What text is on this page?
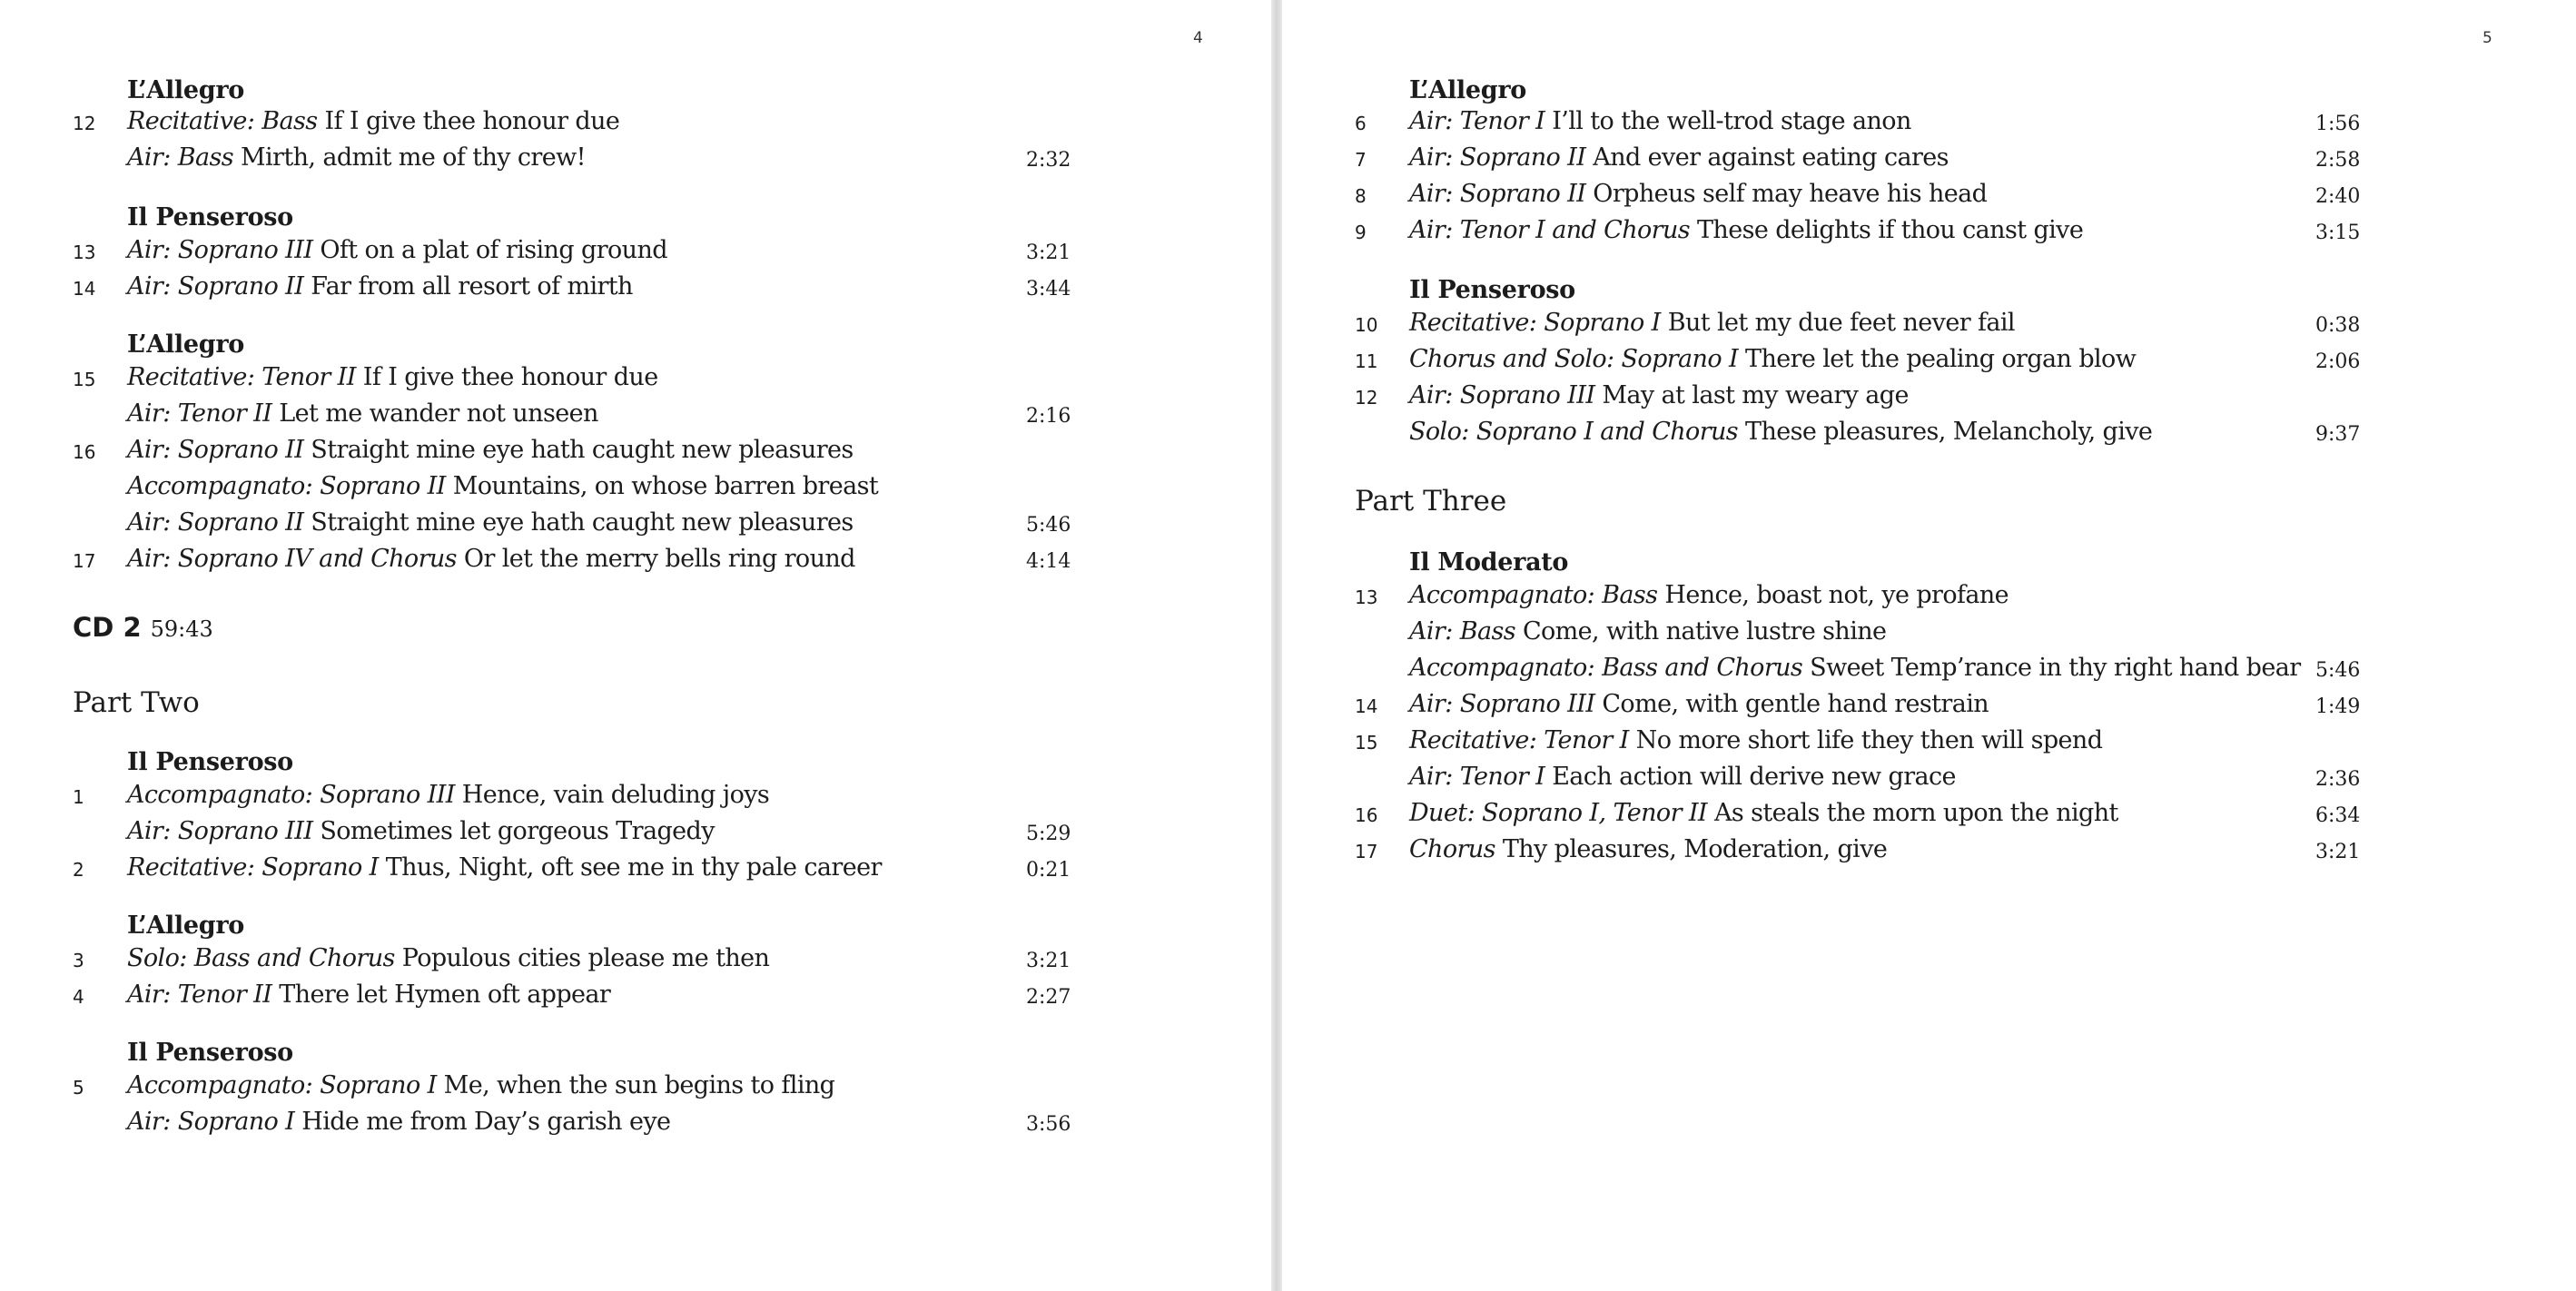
4	5
L’Allegro
12 Recitative: Bass If I give thee honour due
Air: Bass Mirth, admit me of thy crew!	2:32
Il Penseroso
13 Air: Soprano III Oft on a plat of rising ground	3:21
14 Air: Soprano II Far from all resort of mirth	3:44
L’Allegro
15 Recitative: Tenor II If I give thee honour due
Air: Tenor II Let me wander not unseen	2:16
16 Air: Soprano II Straight mine eye hath caught new pleasures
Accompagnato: Soprano II Mountains, on whose barren breast
Air: Soprano II Straight mine eye hath caught new pleasures	5:46
17 Air: Soprano IV and Chorus Or let the merry bells ring round	4:14
CD 2 59:43
Part Two
Il Penseroso
1	Accompagnato: Soprano III Hence, vain deluding joys
Air: Soprano III Sometimes let gorgeous Tragedy	5:29
2	Recitative: Soprano I Thus, Night, oft see me in thy pale career	0:21
L’Allegro
3	Solo: Bass and Chorus Populous cities please me then	3:21
4	Air: Tenor II There let Hymen oft appear	2:27
Il Penseroso
5	Accompagnato: Soprano I Me, when the sun begins to fling
Air: Soprano I Hide me from Day’s garish eye	3:56
L’Allegro
6	Air: Tenor I I’ll to the well-trod stage anon	1:56
7	Air: Soprano II And ever against eating cares	2:58
8	Air: Soprano II Orpheus self may heave his head	2:40
9	Air: Tenor I and Chorus These delights if thou canst give	3:15
Il Penseroso
10 Recitative: Soprano I But let my due feet never fail	0:38
11 Chorus and Solo: Soprano I There let the pealing organ blow	2:06
12 Air: Soprano III May at last my weary age
Solo: Soprano I and Chorus These pleasures, Melancholy, give	9:37
Part Three
Il Moderato
13 Accompagnato: Bass Hence, boast not, ye profane
Air: Bass Come, with native lustre shine
Accompagnato: Bass and Chorus Sweet Temp’rance in thy right hand bear 5:46
14 Air: Soprano III Come, with gentle hand restrain	1:49
15 Recitative: Tenor I No more short life they then will spend
Air: Tenor I Each action will derive new grace	2:36
16 Duet: Soprano I, Tenor II As steals the morn upon the night	6:34
17 Chorus Thy pleasures, Moderation, give	3:21
